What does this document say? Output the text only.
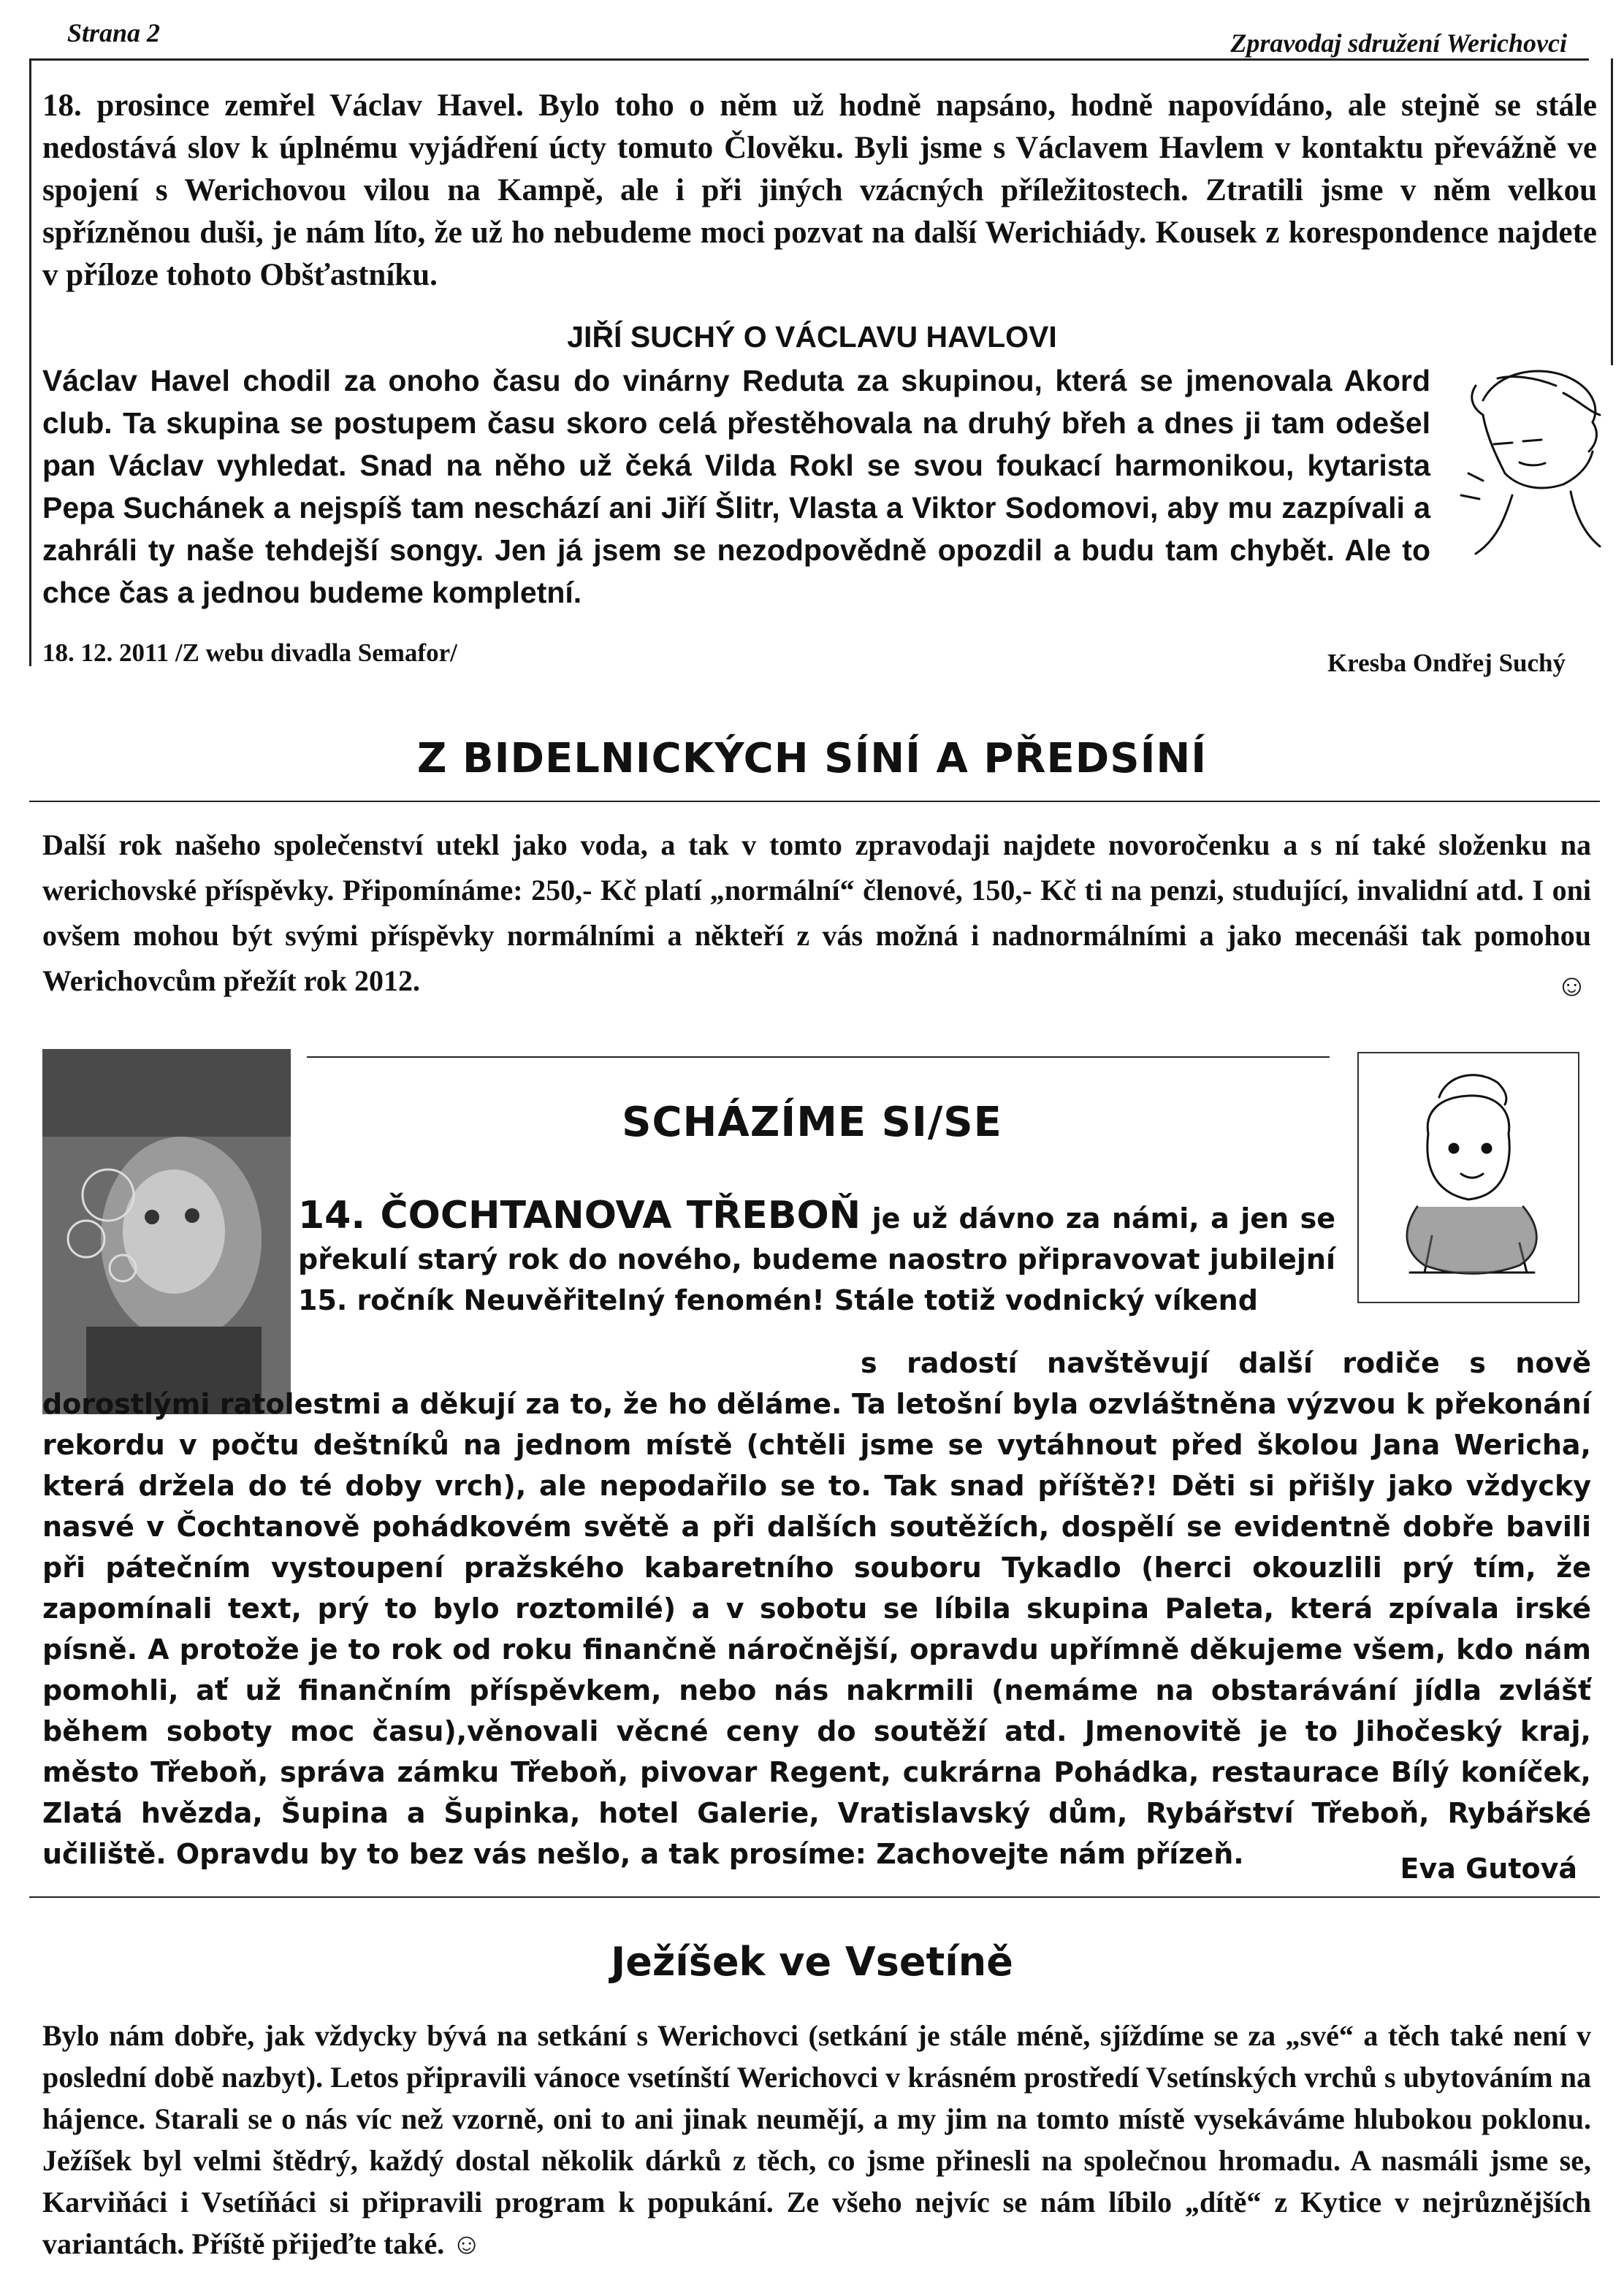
Strana 2	Zpravodaj sdružení Werichovci

18. prosince zemřel Václav Havel. Bylo toho o něm už hodně napsáno, hodně napovídáno, ale stejně se stále nedostává slov k úplnému vyjádření úcty tomuto Člověku. Byli jsme s Václavem Havlem v kontaktu převážně ve spojení s Werichovou vilou na Kampě, ale i při jiných vzácných příležitostech. Ztratili jsme v něm velkou spřízněnou duši, je nám líto, že už ho nebudeme moci pozvat na další Werichiády. Kousek z korespondence najdete v příloze tohoto Obšťastníku.

JIŘÍ SUCHÝ O VÁCLAVU HAVLOVI

Václav Havel chodil za onoho času do vinárny Reduta za skupinou, která se jmenovala Akord club. Ta skupina se postupem času skoro celá přestěhovala na druhý břeh a dnes ji tam odešel pan Václav vyhledat. Snad na něho už čeká Vilda Rokl se svou foukací harmonikou, kytarista Pepa Suchánek a nejspíš tam neschází ani Jiří Šlitr, Vlasta a Viktor Sodomovi, aby mu zazpívali a zahráli ty naše tehdejší songy. Jen já jsem se nezodpovědně opozdil a budu tam chybět. Ale to chce čas a jednou budeme kompletní.

18. 12. 2011 /Z webu divadla Semafor/	Kresba Ondřej Suchý
Z BIDELNICKÝCH SÍNÍ A PŘEDSÍNÍ

Další rok našeho společenství utekl jako voda, a tak v tomto zpravodaji najdete novoročenku a s ní také složenku na werichovské příspěvky. Připomínáme: 250,- Kč platí „normální“ členové, 150,- Kč ti na penzi, studující, invalidní atd. I oni ovšem mohou být svými příspěvky normálními a někteří z vás možná i nadnormálními a jako mecenáši tak pomohou Werichovcům přežít rok 2012.	☺
SCHÁZÍME SI/SE

14. ČOCHTANOVA TŘEBOŇ je už dávno za námi, a jen se překulí starý rok do nového, budeme naostro připravovat jubilejní 15. ročník Neuvěřitelný fenomén! Stále totiž vodnický víkend

s radostí navštěvují další rodiče s nově dorostlými ratolestmi a děkují za to, že ho děláme. Ta letošní byla ozvláštněna výzvou k překonání rekordu v počtu deštníků na jednom místě (chtěli jsme se vytáhnout před školou Jana Wericha, která držela do té doby vrch), ale nepodařilo se to. Tak snad příště?! Děti si přišly jako vždycky nasvé v Čochtanově pohádkovém světě a při dalších soutěžích, dospělí se evidentně dobře bavili při pátečním vystoupení pražského kabaretního souboru Tykadlo (herci okouzlili prý tím, že zapomínali text, prý to bylo roztomilé) a v sobotu se líbila skupina Paleta, která zpívala irské písně. A protože je to rok od roku finančně náročnější, opravdu upřímně děkujeme všem, kdo nám pomohli, ať už finančním příspěvkem, nebo nás nakrmili (nemáme na obstarávání jídla zvlášť během soboty moc času),věnovali věcné ceny do soutěží atd. Jmenovitě je to Jihočeský kraj, město Třeboň, správa zámku Třeboň, pivovar Regent, cukrárna Pohádka, restaurace Bílý koníček, Zlatá hvězda, Šupina a Šupinka, hotel Galerie, Vratislavský dům, Rybářství Třeboň, Rybářské učiliště. Opravdu by to bez vás nešlo, a tak prosíme: Zachovejte nám přízeň.	Eva Gutová
Ježíšek ve Vsetíně

Bylo nám dobře, jak vždycky bývá na setkání s Werichovci (setkání je stále méně, sjíždíme se za „své“ a těch také není v poslední době nazbyt). Letos připravili vánoce vsetínští Werichovci v krásném prostředí Vsetínských vrchů s ubytováním na hájence. Starali se o nás víc než vzorně, oni to ani jinak neumějí, a my jim na tomto místě vysekáváme hlubokou poklonu. Ježíšek byl velmi štědrý, každý dostal několik dárků z těch, co jsme přinesli na společnou hromadu. A nasmáli jsme se, Karviňáci i Vsetíňáci si připravili program k popukání. Ze všeho nejvíc se nám líbilo „dítě“ z Kytice v nejrůznějších variantách. Příště přijeďte také. ☺
